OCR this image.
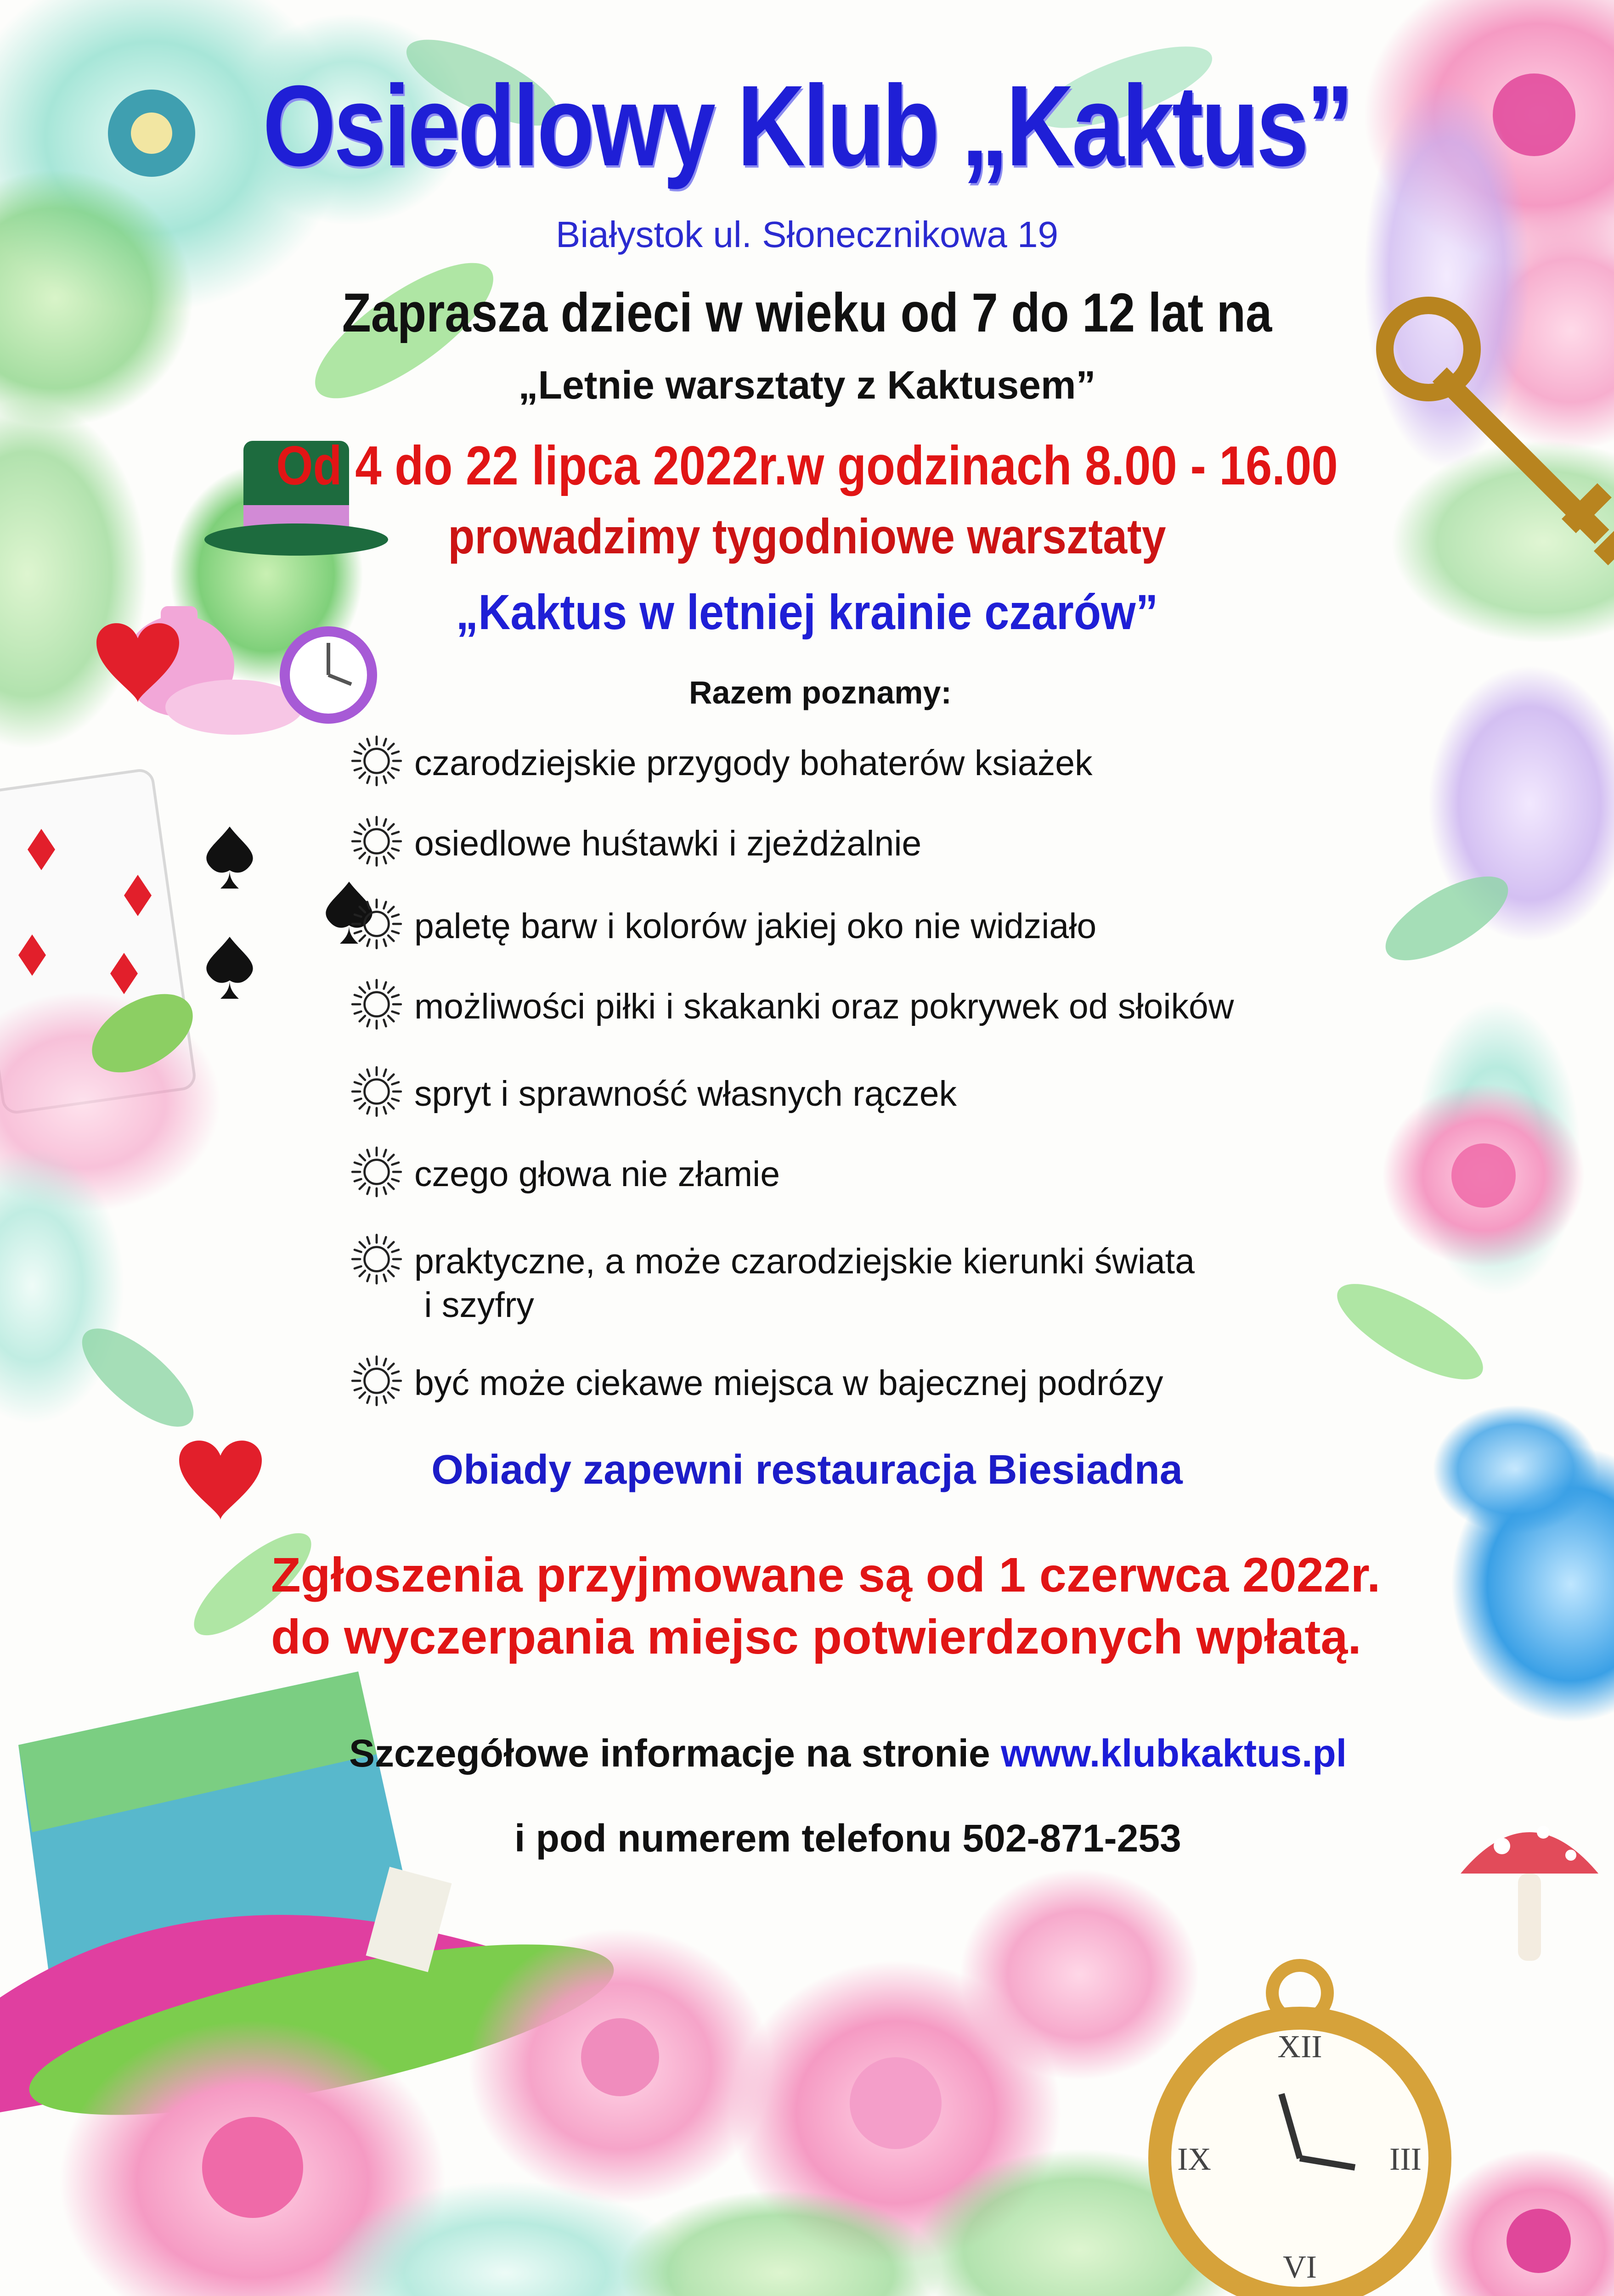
XII
III
VI
IX
Osiedlowy Klub „Kaktus”
Białystok ul. Słonecznikowa 19
Zaprasza dzieci w wieku od 7 do 12 lat na
„Letnie warsztaty z Kaktusem”
Od 4 do 22 lipca 2022r.w godzinach 8.00 - 16.00
prowadzimy tygodniowe warsztaty
„Kaktus w letniej krainie czarów”
Razem poznamy:
czarodziejskie przygody bohaterów ksiażek
osiedlowe huśtawki i zjeżdżalnie
paletę barw i kolorów jakiej oko nie widziało
możliwości piłki i skakanki oraz pokrywek od słoików
spryt i sprawność własnych rączek
czego głowa nie złamie
praktyczne, a może czarodziejskie kierunki świata
i szyfry
być może ciekawe miejsca w bajecznej podrózy
Obiady zapewni restauracja Biesiadna
Zgłoszenia przyjmowane są od 1 czerwca 2022r.
do wyczerpania miejsc potwierdzonych wpłatą.
Szczegółowe informacje na stronie www.klubkaktus.pl
i pod numerem telefonu 502-871-253
